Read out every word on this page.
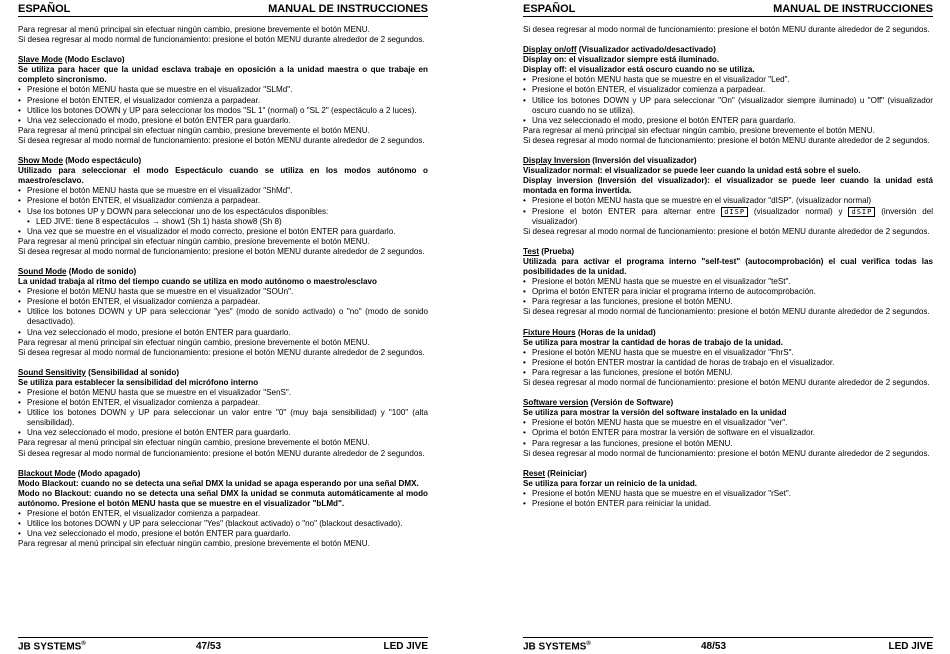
ESPAÑOL	MANUAL DE INSTRUCCIONES

Para regresar al menú principal sin efectuar ningún cambio, presione brevemente el botón MENU.

Si desea regresar al modo normal de funcionamiento: presione el botón MENU durante alrededor de 2 segundos.

Slave Mode (Modo Esclavo)

Se utiliza para hacer que la unidad esclava trabaje en oposición a la unidad maestra o que trabaje en completo sincronismo.

• Presione el botón MENU hasta que se muestre en el visualizador "SLMd".
• Presione el botón ENTER, el visualizador comienza a parpadear.
• Utilice los botones DOWN y UP para seleccionar los modos "SL 1" (normal) o "SL 2" (espectáculo a 2 luces).
• Una vez seleccionado el modo, presione el botón ENTER para guardarlo.

Para regresar al menú principal sin efectuar ningún cambio, presione brevemente el botón MENU.

Si desea regresar al modo normal de funcionamiento: presione el botón MENU durante alrededor de 2 segundos.

Show Mode (Modo espectáculo)

Utilizado para seleccionar el modo Espectáculo cuando se utiliza en los modos autónomo o maestro/esclavo.

• Presione el botón MENU hasta que se muestre en el visualizador "ShMd".
• Presione el botón ENTER, el visualizador comienza a parpadear.
• Use los botones UP y DOWN para seleccionar uno de los espectáculos disponibles:
• LED JIVE: tiene 8 espectáculos → show1 (Sh 1) hasta show8 (Sh 8)
• Una vez que se muestre en el visualizador el modo correcto, presione el botón ENTER para guardarlo.

Para regresar al menú principal sin efectuar ningún cambio, presione brevemente el botón MENU.

Si desea regresar al modo normal de funcionamiento: presione el botón MENU durante alrededor de 2 segundos.

Sound Mode (Modo de sonido)

La unidad trabaja al ritmo del tiempo cuando se utiliza en modo autónomo o maestro/esclavo

• Presione el botón MENU hasta que se muestre en el visualizador "SOUn".
• Presione el botón ENTER, el visualizador comienza a parpadear.
• Utilice los botones DOWN y UP para seleccionar "yes" (modo de sonido activado) o "no" (modo de sonido desactivado).
• Una vez seleccionado el modo, presione el botón ENTER para guardarlo.

Para regresar al menú principal sin efectuar ningún cambio, presione brevemente el botón MENU.

Si desea regresar al modo normal de funcionamiento: presione el botón MENU durante alrededor de 2 segundos.

Sound Sensitivity (Sensibilidad al sonido)

Se utiliza para establecer la sensibilidad del micrófono interno

• Presione el botón MENU hasta que se muestre en el visualizador "SenS".
• Presione el botón ENTER, el visualizador comienza a parpadear.
• Utilice los botones DOWN y UP para seleccionar un valor entre "0" (muy baja sensibilidad) y "100" (alta sensibilidad).
• Una vez seleccionado el modo, presione el botón ENTER para guardarlo.

Para regresar al menú principal sin efectuar ningún cambio, presione brevemente el botón MENU.

Si desea regresar al modo normal de funcionamiento: presione el botón MENU durante alrededor de 2 segundos.

Blackout Mode (Modo apagado)

Modo Blackout: cuando no se detecta una señal DMX la unidad se apaga esperando por una señal DMX.

Modo no Blackout: cuando no se detecta una señal DMX la unidad se conmuta automáticamente al modo autónomo. Presione el botón MENU hasta que se muestre en el visualizador "bLMd".

• Presione el botón ENTER, el visualizador comienza a parpadear.
• Utilice los botones DOWN y UP para seleccionar "Yes" (blackout activado) o "no" (blackout desactivado).
• Una vez seleccionado el modo, presione el botón ENTER para guardarlo.

Para regresar al menú principal sin efectuar ningún cambio, presione brevemente el botón MENU.

JB SYSTEMS®	47/53	LED JIVE
ESPAÑOL	MANUAL DE INSTRUCCIONES

Si desea regresar al modo normal de funcionamiento: presione el botón MENU durante alrededor de 2 segundos.

Display on/off (Visualizador activado/desactivado)

Display on: el visualizador siempre está iluminado.

Display off: el visualizador está oscuro cuando no se utiliza.

• Presione el botón MENU hasta que se muestre en el visualizador "Led".
• Presione el botón ENTER, el visualizador comienza a parpadear.
• Utilice los botones DOWN y UP para seleccionar "On" (visualizador siempre iluminado) u "Off" (visualizador oscuro cuando no se utiliza).
• Una vez seleccionado el modo, presione el botón ENTER para guardarlo.

Para regresar al menú principal sin efectuar ningún cambio, presione brevemente el botón MENU.

Si desea regresar al modo normal de funcionamiento: presione el botón MENU durante alrededor de 2 segundos.

Display Inversion (Inversión del visualizador)

Visualizador normal: el visualizador se puede leer cuando la unidad está sobre el suelo.

Display inversion (Inversión del visualizador): el visualizador se puede leer cuando la unidad está montada en forma invertida.

• Presione el botón MENU hasta que se muestre en el visualizador "dISP". (visualizador normal)
• Presione el botón ENTER para alternar entre dISP (visualizador normal) y dSIP (inversión del visualizador)

Si desea regresar al modo normal de funcionamiento: presione el botón MENU durante alrededor de 2 segundos.

Test (Prueba)

Utilizada para activar el programa interno "self-test" (autocomprobación) el cual verifica todas las posibilidades de la unidad.

• Presione el botón MENU hasta que se muestre en el visualizador "teSt".
• Oprima el botón ENTER para iniciar el programa interno de autocomprobación.
• Para regresar a las funciones, presione el botón MENU.

Si desea regresar al modo normal de funcionamiento: presione el botón MENU durante alrededor de 2 segundos.

Fixture Hours (Horas de la unidad)

Se utiliza para mostrar la cantidad de horas de trabajo de la unidad.

• Presione el botón MENU hasta que se muestre en el visualizador "FhrS".
• Presione el botón ENTER mostrar la cantidad de horas de trabajo en el visualizador.
• Para regresar a las funciones, presione el botón MENU.

Si desea regresar al modo normal de funcionamiento: presione el botón MENU durante alrededor de 2 segundos.

Software version (Versión de Software)

Se utiliza para mostrar la versión del software instalado en la unidad

• Presione el botón MENU hasta que se muestre en el visualizador "ver".
• Oprima el botón ENTER para mostrar la versión de software en el visualizador.
• Para regresar a las funciones, presione el botón MENU.

Si desea regresar al modo normal de funcionamiento: presione el botón MENU durante alrededor de 2 segundos.

Reset (Reiniciar)

Se utiliza para forzar un reinicio de la unidad.

• Presione el botón MENU hasta que se muestre en el visualizador "rSet".
• Presione el botón ENTER para reiniciar la unidad.
JB SYSTEMS®	48/53	LED JIVE
